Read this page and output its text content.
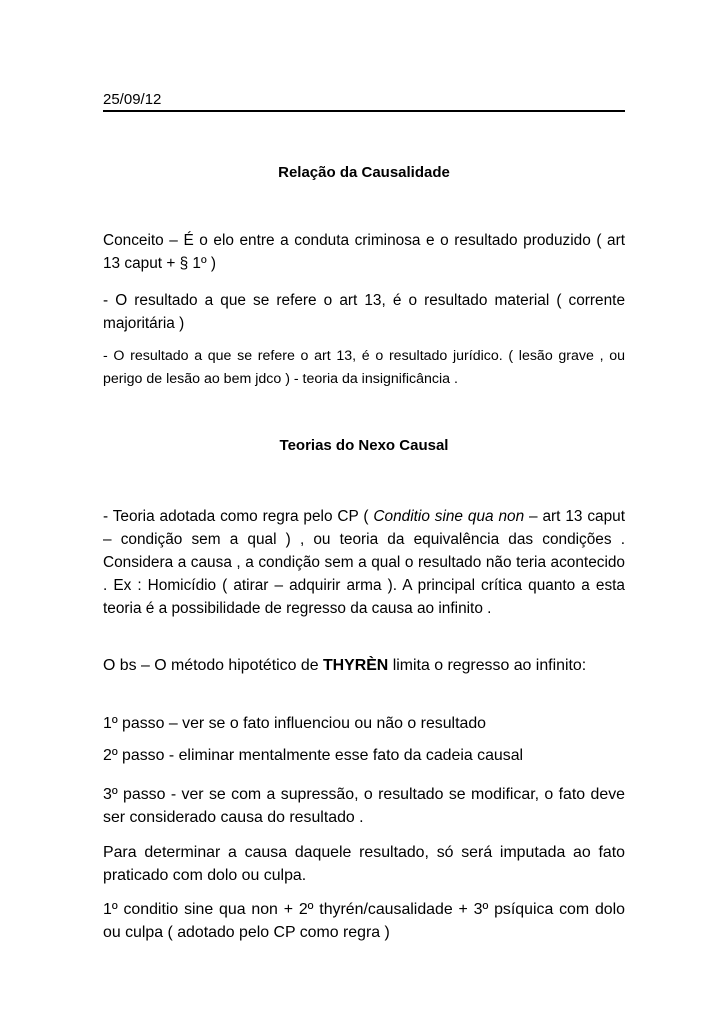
25/09/12
Relação da Causalidade

Conceito – É o elo entre a conduta criminosa e o resultado produzido ( art 13 caput + § 1º )

- O resultado a que se refere o art 13, é o resultado material ( corrente majoritária )

- O resultado a que se refere o art 13, é o resultado jurídico. ( lesão grave , ou perigo de lesão ao bem jdco ) - teoria da insignificância .

Teorias do Nexo Causal

- Teoria adotada como regra pelo CP ( Conditio sine qua non – art 13 caput – condição sem a qual ) , ou teoria da equivalência das condições . Considera a causa , a condição sem a qual o resultado não teria acontecido . Ex : Homicídio ( atirar – adquirir arma ). A principal crítica quanto a esta teoria é a possibilidade de regresso da causa ao infinito .

O bs – O método hipotético de THYRÈN limita o regresso ao infinito:

1º passo – ver se o fato influenciou ou não o resultado

2º passo - eliminar mentalmente esse fato da cadeia causal

3º passo - ver se com a supressão, o resultado se modificar, o fato deve ser considerado causa do resultado .

Para determinar a causa daquele resultado, só será imputada ao fato praticado com dolo ou culpa.

1º conditio sine qua non + 2º thyrén/causalidade + 3º psíquica com dolo ou culpa ( adotado pelo CP como regra )
